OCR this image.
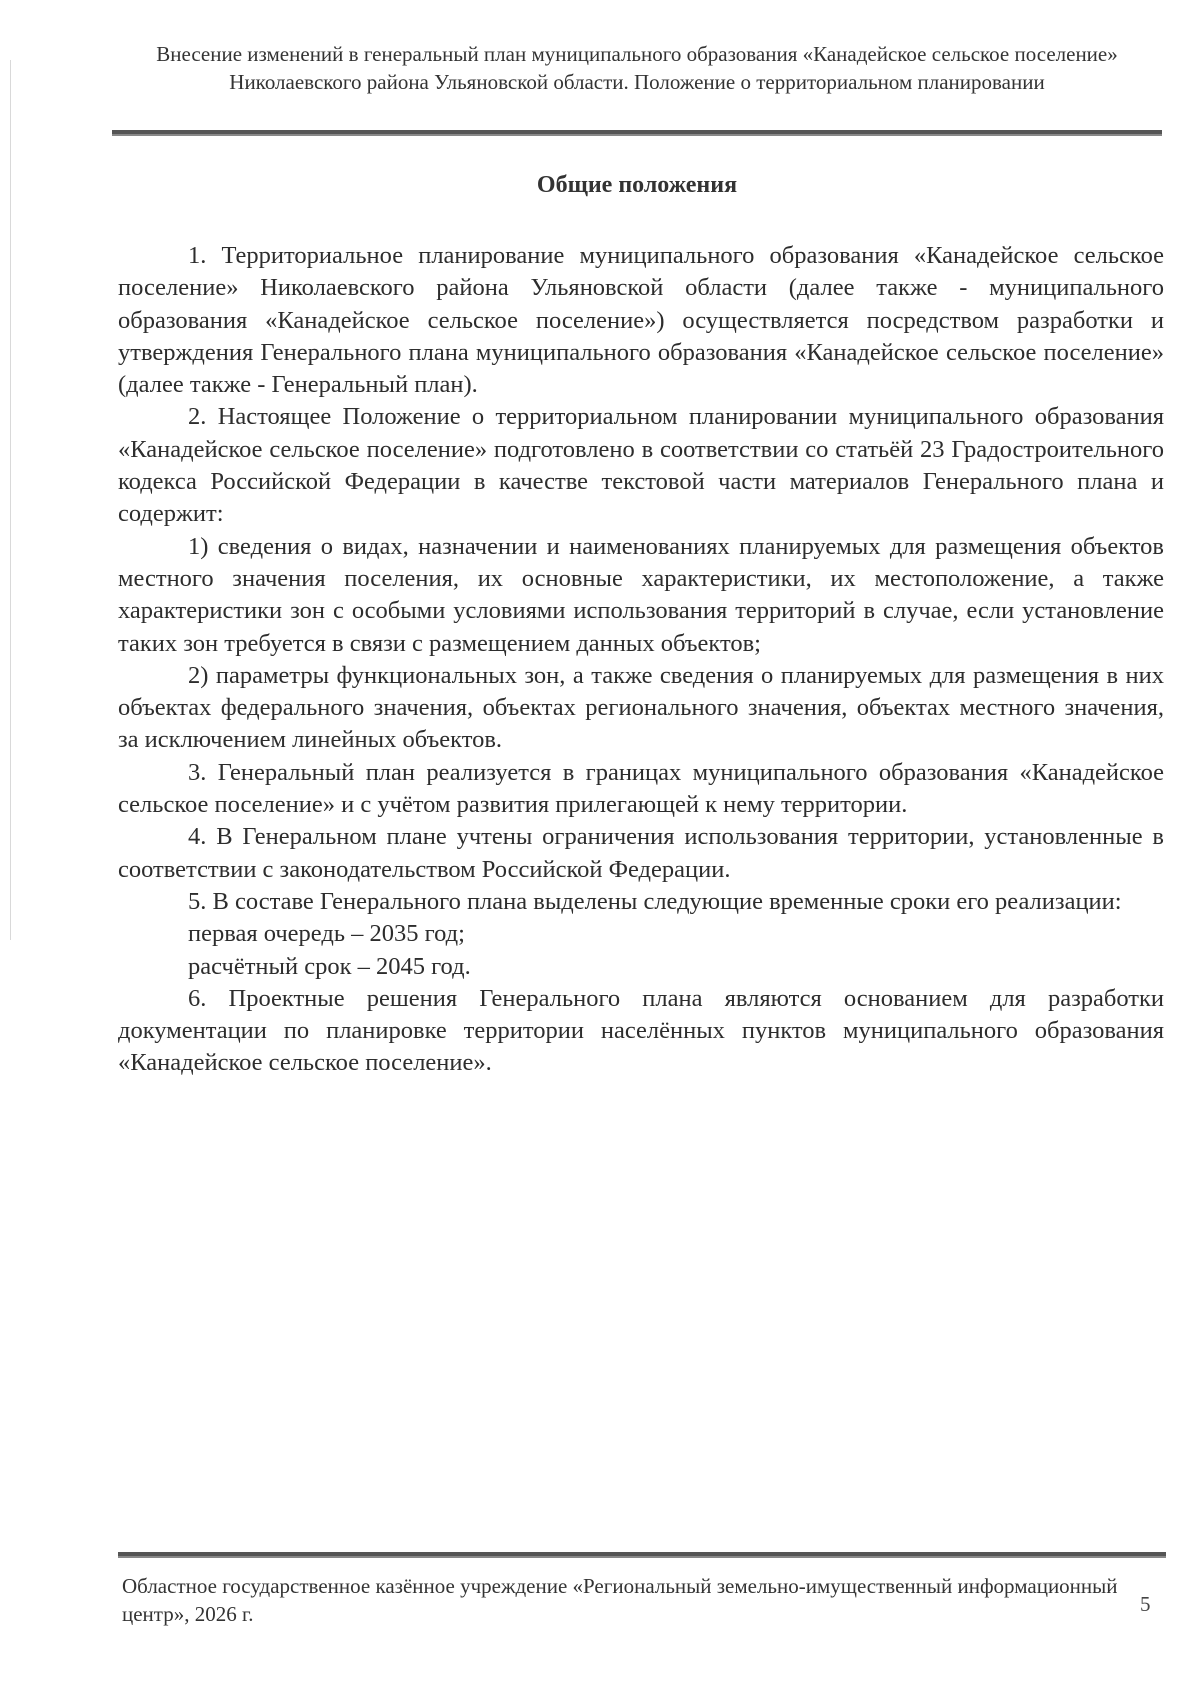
Внесение изменений в генеральный план муниципального образования «Канадейское сельское поселение» Николаевского района Ульяновской области. Положение о территориальном планировании
Общие положения

1. Территориальное планирование муниципального образования «Канадейское сельское поселение» Николаевского района Ульяновской области (далее также - муниципального образования «Канадейское сельское поселение») осуществляется посредством разработки и утверждения Генерального плана муниципального образования «Канадейское сельское поселение» (далее также - Генеральный план).

2. Настоящее Положение о территориальном планировании муниципального образования «Канадейское сельское поселение» подготовлено в соответствии со статьёй 23 Градостроительного кодекса Российской Федерации в качестве текстовой части материалов Генерального плана и содержит:

1) сведения о видах, назначении и наименованиях планируемых для размещения объектов местного значения поселения, их основные характеристики, их местоположение, а также характеристики зон с особыми условиями использования территорий в случае, если установление таких зон требуется в связи с размещением данных объектов;

2) параметры функциональных зон, а также сведения о планируемых для размещения в них объектах федерального значения, объектах регионального значения, объектах местного значения, за исключением линейных объектов.

3. Генеральный план реализуется в границах муниципального образования «Канадейское сельское поселение» и с учётом развития прилегающей к нему территории.

4. В Генеральном плане учтены ограничения использования территории, установленные в соответствии с законодательством Российской Федерации.

5. В составе Генерального плана выделены следующие временные сроки его реализации:

первая очередь – 2035 год;

расчётный срок – 2045 год.

6. Проектные решения Генерального плана являются основанием для разработки документации по планировке территории населённых пунктов муниципального образования «Канадейское сельское поселение».

Областное государственное казённое учреждение «Региональный земельно-имущественный информационный центр», 2026 г.	5
